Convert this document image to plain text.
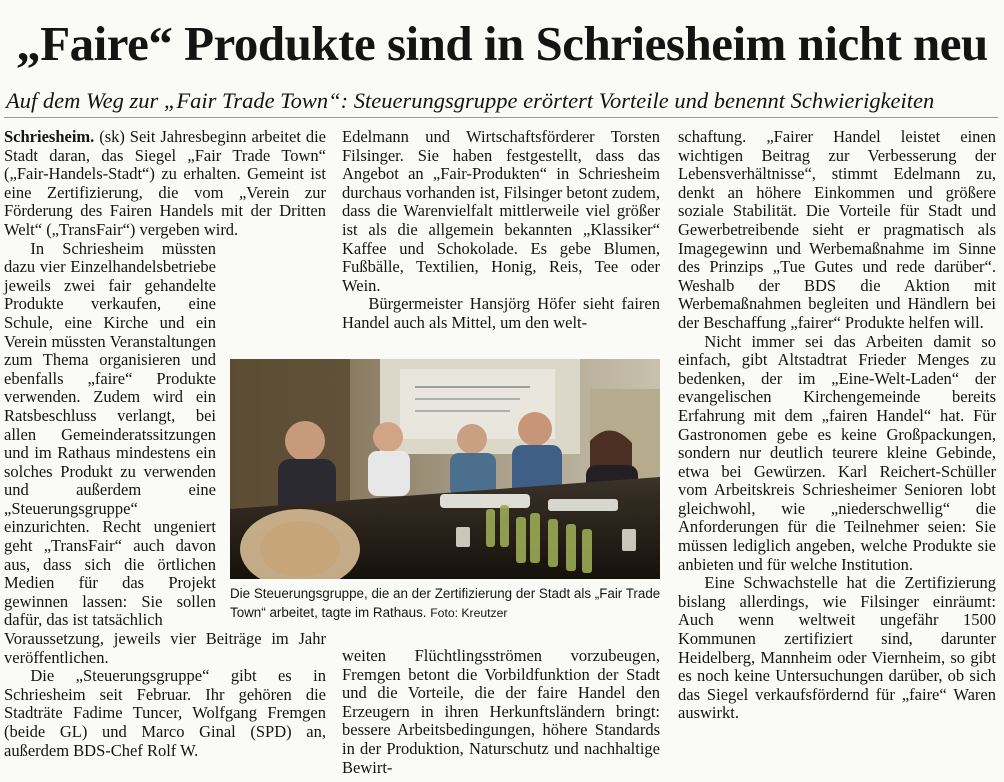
„Faire“ Produkte sind in Schriesheim nicht neu
Auf dem Weg zur „Fair Trade Town“: Steuerungsgruppe erörtert Vorteile und benennt Schwierigkeiten

Schriesheim. (sk) Seit Jahresbeginn arbeitet die Stadt daran, das Siegel „Fair Trade Town“ („Fair-Handels-Stadt“) zu erhalten. Gemeint ist eine Zertifizierung, die vom „Verein zur Förderung des Fairen Handels mit der Dritten Welt“ („TransFair“) vergeben wird.

In Schriesheim müssten dazu vier Einzelhandelsbetriebe jeweils zwei fair gehandelte Produkte verkaufen, eine Schule, eine Kirche und ein Verein müssten Veranstaltungen zum Thema organisieren und ebenfalls „faire“ Produkte verwenden. Zudem wird ein Ratsbeschluss verlangt, bei allen Gemeinderatssitzungen und im Rathaus mindestens ein solches Produkt zu verwenden und außerdem eine „Steuerungsgruppe“ einzurichten. Recht ungeniert geht „TransFair“ auch davon aus, dass sich die örtlichen Medien für das Projekt gewinnen lassen: Sie sollen dafür, das ist tatsächlich

Voraussetzung, jeweils vier Beiträge im Jahr veröffentlichen.

Die „Steuerungsgruppe“ gibt es in Schriesheim seit Februar. Ihr gehören die Stadträte Fadime Tuncer, Wolfgang Fremgen (beide GL) und Marco Ginal (SPD) an, außerdem BDS-Chef Rolf W.

Edelmann und Wirtschaftsförderer Torsten Filsinger. Sie haben festgestellt, dass das Angebot an „Fair-Produkten“ in Schriesheim durchaus vorhanden ist, Filsinger betont zudem, dass die Warenvielfalt mittlerweile viel größer ist als die allgemein bekannten „Klassiker“ Kaffee und Schokolade. Es gebe Blumen, Fußbälle, Textilien, Honig, Reis, Tee oder Wein.

Bürgermeister Hansjörg Höfer sieht fairen Handel auch als Mittel, um den welt-

Die Steuerungsgruppe, die an der Zertifizierung der Stadt als „Fair Trade Town“ arbeitet, tagte im Rathaus. Foto: Kreutzer

weiten Flüchtlingsströmen vorzubeugen, Fremgen betont die Vorbildfunktion der Stadt und die Vorteile, die der faire Handel den Erzeugern in ihren Herkunftsländern bringt: bessere Arbeitsbedingungen, höhere Standards in der Produktion, Naturschutz und nachhaltige Bewirt-

schaftung. „Fairer Handel leistet einen wichtigen Beitrag zur Verbesserung der Lebensverhältnisse“, stimmt Edelmann zu, denkt an höhere Einkommen und größere soziale Stabilität. Die Vorteile für Stadt und Gewerbetreibende sieht er pragmatisch als Imagegewinn und Werbemaßnahme im Sinne des Prinzips „Tue Gutes und rede darüber“. Weshalb der BDS die Aktion mit Werbemaßnahmen begleiten und Händlern bei der Beschaffung „fairer“ Produkte helfen will.

Nicht immer sei das Arbeiten damit so einfach, gibt Altstadtrat Frieder Menges zu bedenken, der im „Eine-Welt-Laden“ der evangelischen Kirchengemeinde bereits Erfahrung mit dem „fairen Handel“ hat. Für Gastronomen gebe es keine Großpackungen, sondern nur deutlich teurere kleine Gebinde, etwa bei Gewürzen. Karl Reichert-Schüller vom Arbeitskreis Schriesheimer Senioren lobt gleichwohl, wie „niederschwellig“ die Anforderungen für die Teilnehmer seien: Sie müssen lediglich angeben, welche Produkte sie anbieten und für welche Institution.

Eine Schwachstelle hat die Zertifizierung bislang allerdings, wie Filsinger einräumt: Auch wenn weltweit ungefähr 1500 Kommunen zertifiziert sind, darunter Heidelberg, Mannheim oder Viernheim, so gibt es noch keine Untersuchungen darüber, ob sich das Siegel verkaufsfördernd für „faire“ Waren auswirkt.
